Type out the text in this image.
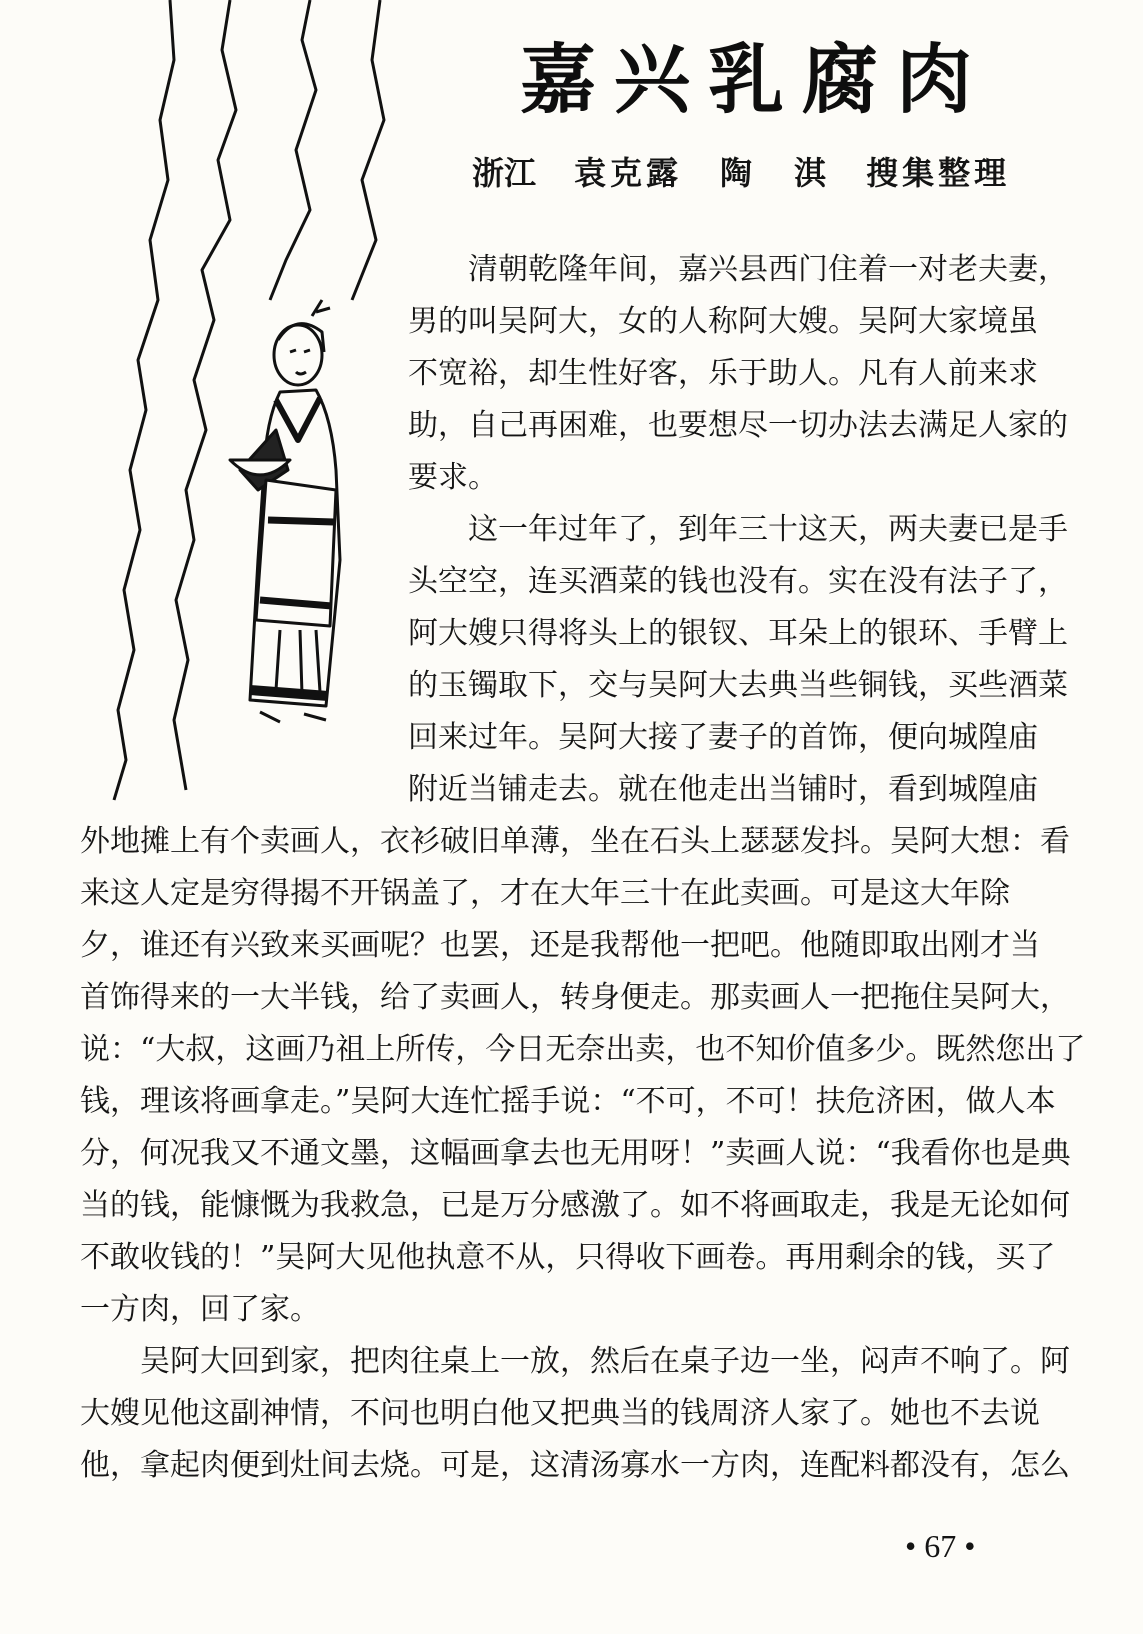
嘉兴乳腐肉
浙江 袁克露 陶 淇 搜集整理
清朝乾隆年间，嘉兴县西门住着一对老夫妻，
男的叫吴阿大，女的人称阿大嫂。吴阿大家境虽
不宽裕，却生性好客，乐于助人。凡有人前来求
助，自己再困难，也要想尽一切办法去满足人家的
要求。
这一年过年了，到年三十这天，两夫妻已是手
头空空，连买酒菜的钱也没有。实在没有法子了，
阿大嫂只得将头上的银钗、耳朵上的银环、手臂上
的玉镯取下，交与吴阿大去典当些铜钱，买些酒菜
回来过年。吴阿大接了妻子的首饰，便向城隍庙
附近当铺走去。就在他走出当铺时，看到城隍庙
外地摊上有个卖画人，衣衫破旧单薄，坐在石头上瑟瑟发抖。吴阿大想：看
来这人定是穷得揭不开锅盖了，才在大年三十在此卖画。可是这大年除
夕，谁还有兴致来买画呢？也罢，还是我帮他一把吧。他随即取出刚才当
首饰得来的一大半钱，给了卖画人，转身便走。那卖画人一把拖住吴阿大，
说：“大叔，这画乃祖上所传，今日无奈出卖，也不知价值多少。既然您出了
钱，理该将画拿走。”吴阿大连忙摇手说：“不可，不可！扶危济困，做人本
分，何况我又不通文墨，这幅画拿去也无用呀！”卖画人说：“我看你也是典
当的钱，能慷慨为我救急，已是万分感激了。如不将画取走，我是无论如何
不敢收钱的！”吴阿大见他执意不从，只得收下画卷。再用剩余的钱，买了
一方肉，回了家。
吴阿大回到家，把肉往桌上一放，然后在桌子边一坐，闷声不响了。阿
大嫂见他这副神情，不问也明白他又把典当的钱周济人家了。她也不去说
他，拿起肉便到灶间去烧。可是，这清汤寡水一方肉，连配料都没有，怎么
• 67 •
